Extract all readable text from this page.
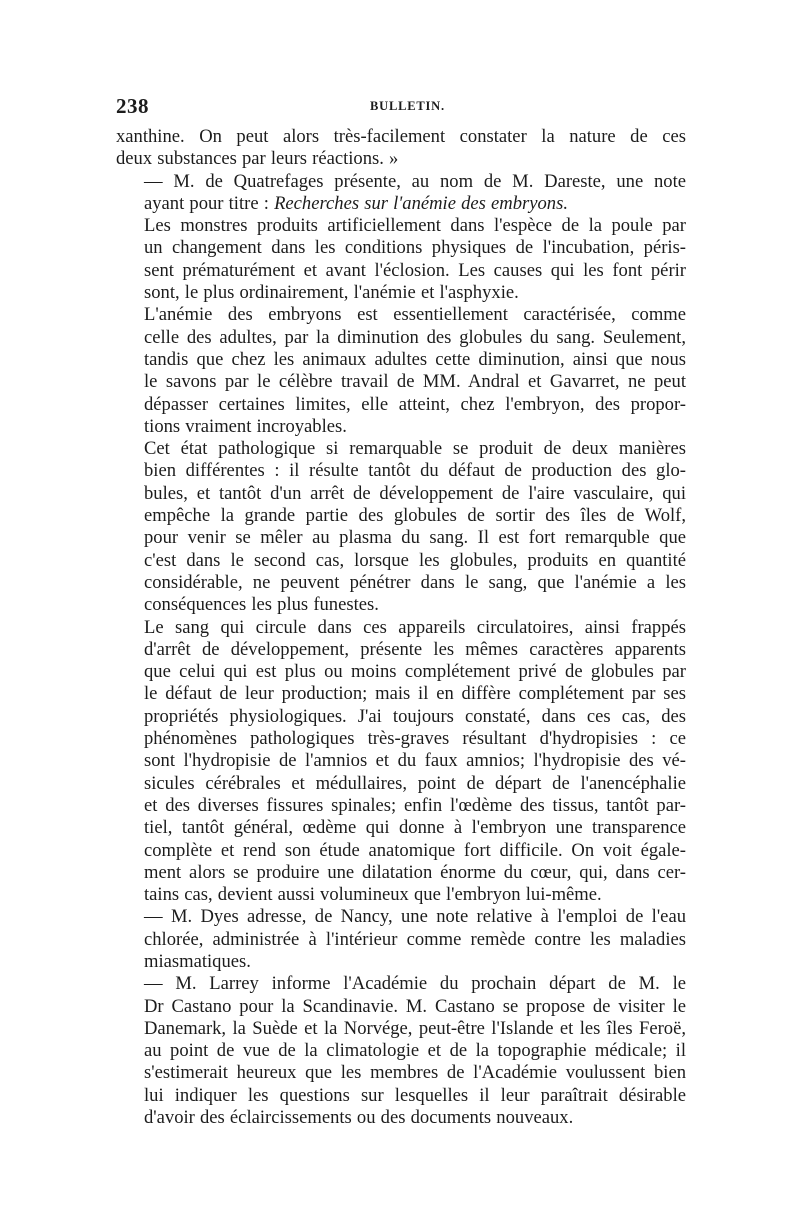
238	BULLETIN.
xanthine. On peut alors très-facilement constater la nature de ces
deux substances par leurs réactions. »
— M. de Quatrefages présente, au nom de M. Dareste, une note
ayant pour titre : Recherches sur l'anémie des embryons.
Les monstres produits artificiellement dans l'espèce de la poule par
un changement dans les conditions physiques de l'incubation, péris-
sent prématurément et avant l'éclosion. Les causes qui les font périr
sont, le plus ordinairement, l'anémie et l'asphyxie.
L'anémie des embryons est essentiellement caractérisée, comme
celle des adultes, par la diminution des globules du sang. Seulement,
tandis que chez les animaux adultes cette diminution, ainsi que nous
le savons par le célèbre travail de MM. Andral et Gavarret, ne peut
dépasser certaines limites, elle atteint, chez l'embryon, des propor-
tions vraiment incroyables.
Cet état pathologique si remarquable se produit de deux manières
bien différentes : il résulte tantôt du défaut de production des glo-
bules, et tantôt d'un arrêt de développement de l'aire vasculaire, qui
empêche la grande partie des globules de sortir des îles de Wolf,
pour venir se mêler au plasma du sang. Il est fort remarquble que
c'est dans le second cas, lorsque les globules, produits en quantité
considérable, ne peuvent pénétrer dans le sang, que l'anémie a les
conséquences les plus funestes.
Le sang qui circule dans ces appareils circulatoires, ainsi frappés
d'arrêt de développement, présente les mêmes caractères apparents
que celui qui est plus ou moins complétement privé de globules par
le défaut de leur production; mais il en diffère complétement par ses
propriétés physiologiques. J'ai toujours constaté, dans ces cas, des
phénomènes pathologiques très-graves résultant d'hydropisies : ce
sont l'hydropisie de l'amnios et du faux amnios; l'hydropisie des vé-
sicules cérébrales et médullaires, point de départ de l'anencéphalie
et des diverses fissures spinales; enfin l'œdème des tissus, tantôt par-
tiel, tantôt général, œdème qui donne à l'embryon une transparence
complète et rend son étude anatomique fort difficile. On voit égale-
ment alors se produire une dilatation énorme du cœur, qui, dans cer-
tains cas, devient aussi volumineux que l'embryon lui-même.
— M. Dyes adresse, de Nancy, une note relative à l'emploi de l'eau
chlorée, administrée à l'intérieur comme remède contre les maladies
miasmatiques.
— M. Larrey informe l'Académie du prochain départ de M. le
Dr Castano pour la Scandinavie. M. Castano se propose de visiter le
Danemark, la Suède et la Norvége, peut-être l'Islande et les îles Feroë,
au point de vue de la climatologie et de la topographie médicale; il
s'estimerait heureux que les membres de l'Académie voulussent bien
lui indiquer les questions sur lesquelles il leur paraîtrait désirable
d'avoir des éclaircissements ou des documents nouveaux.
